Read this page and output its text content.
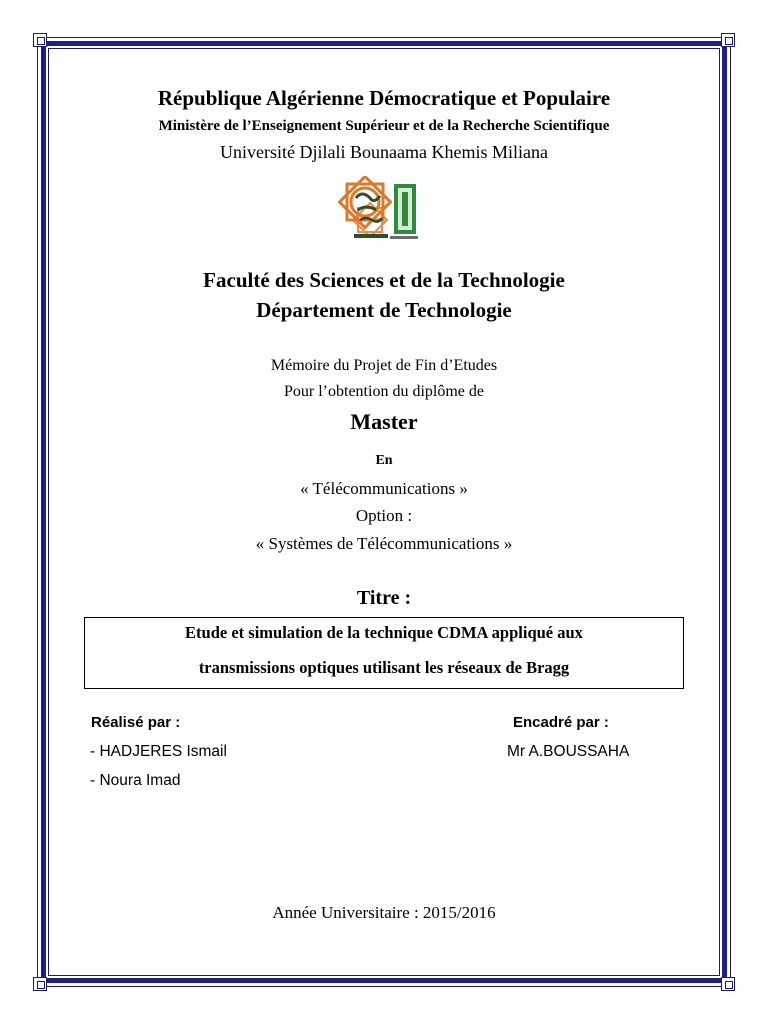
République Algérienne Démocratique et Populaire
Ministère de l’Enseignement Supérieur et de la Recherche Scientifique
Université Djilali Bounaama Khemis Miliana
Faculté des Sciences et de la Technologie
Département de Technologie
Mémoire du Projet de Fin d’Etudes
Pour l’obtention du diplôme de
Master
En
« Télécommunications »
Option :
« Systèmes de Télécommunications »
Titre :
Etude et simulation de la technique CDMA appliqué aux
transmissions optiques utilisant les réseaux de Bragg
Réalisé par :
- HADJERES Ismail
- Noura Imad
Encadré par :
Mr A.BOUSSAHA
Année Universitaire : 2015/2016
